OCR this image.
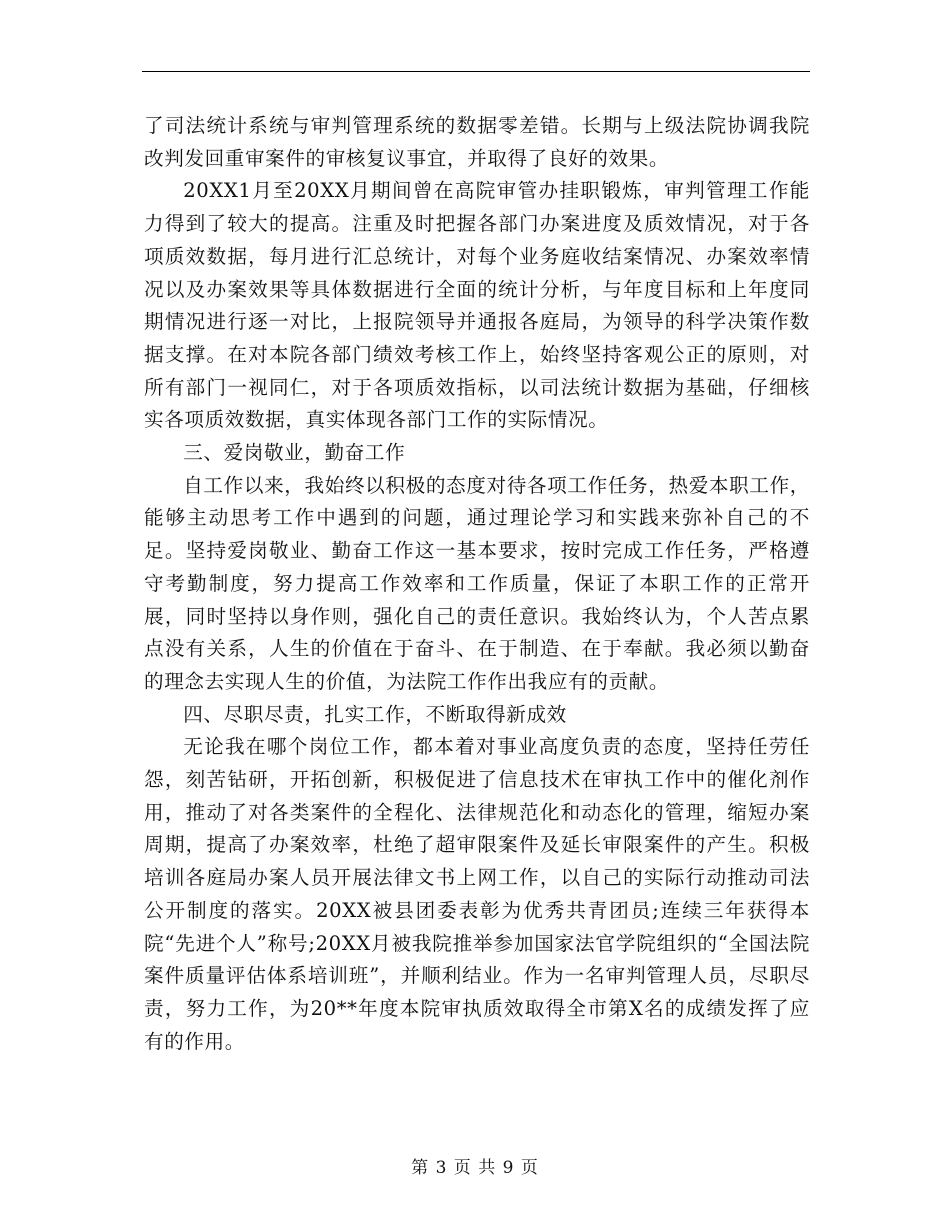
了司法统计系统与审判管理系统的数据零差错。长期与上级法院协调我院改判发回重审案件的审核复议事宜，并取得了良好的效果。

20XX1月至20XX月期间曾在高院审管办挂职锻炼，审判管理工作能力得到了较大的提高。注重及时把握各部门办案进度及质效情况，对于各项质效数据，每月进行汇总统计，对每个业务庭收结案情况、办案效率情况以及办案效果等具体数据进行全面的统计分析，与年度目标和上年度同期情况进行逐一对比，上报院领导并通报各庭局，为领导的科学决策作数据支撑。在对本院各部门绩效考核工作上，始终坚持客观公正的原则，对所有部门一视同仁，对于各项质效指标，以司法统计数据为基础，仔细核实各项质效数据，真实体现各部门工作的实际情况。

三、爱岗敬业，勤奋工作

自工作以来，我始终以积极的态度对待各项工作任务，热爱本职工作，能够主动思考工作中遇到的问题，通过理论学习和实践来弥补自己的不足。坚持爱岗敬业、勤奋工作这一基本要求，按时完成工作任务，严格遵守考勤制度，努力提高工作效率和工作质量，保证了本职工作的正常开展，同时坚持以身作则，强化自己的责任意识。我始终认为，个人苦点累点没有关系，人生的价值在于奋斗、在于制造、在于奉献。我必须以勤奋的理念去实现人生的价值，为法院工作作出我应有的贡献。

四、尽职尽责，扎实工作，不断取得新成效

无论我在哪个岗位工作，都本着对事业高度负责的态度，坚持任劳任怨，刻苦钻研，开拓创新，积极促进了信息技术在审执工作中的催化剂作用，推动了对各类案件的全程化、法律规范化和动态化的管理，缩短办案周期，提高了办案效率，杜绝了超审限案件及延长审限案件的产生。积极培训各庭局办案人员开展法律文书上网工作，以自己的实际行动推动司法公开制度的落实。20XX被县团委表彰为优秀共青团员;连续三年获得本院“先进个人”称号;20XX月被我院推举参加国家法官学院组织的“全国法院案件质量评估体系培训班”，并顺利结业。作为一名审判管理人员，尽职尽责，努力工作，为20**年度本院审执质效取得全市第X名的成绩发挥了应有的作用。

第 3 页 共 9 页
